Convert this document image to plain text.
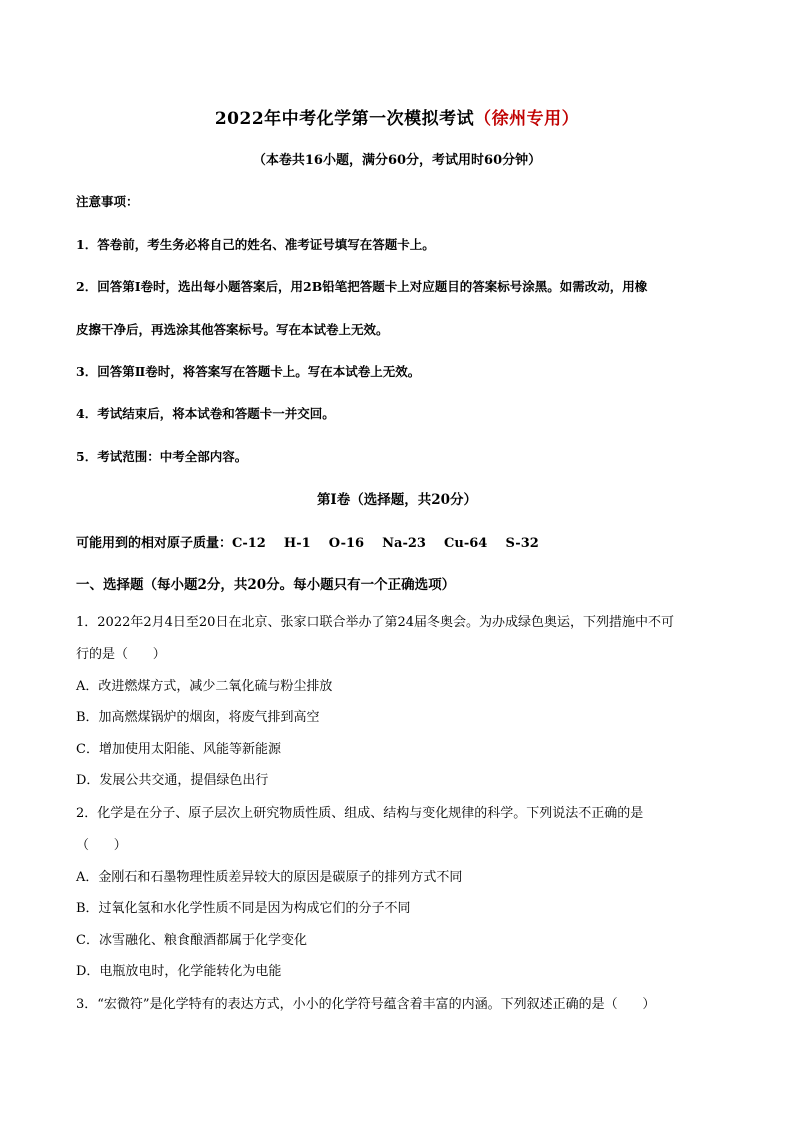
2022年中考化学第一次模拟考试（徐州专用）
（本卷共16小题，满分60分，考试用时60分钟）
注意事项：
1．答卷前，考生务必将自己的姓名、准考证号填写在答题卡上。
2．回答第Ⅰ卷时，选出每小题答案后，用2B铅笔把答题卡上对应题目的答案标号涂黑。如需改动，用橡
皮擦干净后，再选涂其他答案标号。写在本试卷上无效。
3．回答第Ⅱ卷时，将答案写在答题卡上。写在本试卷上无效。
4．考试结束后，将本试卷和答题卡一并交回。
5．考试范围：中考全部内容。
第Ⅰ卷（选择题，共20分）
可能用到的相对原子质量：C-12    H-1    O-16    Na-23    Cu-64    S-32
一、选择题（每小题2分，共20分。每小题只有一个正确选项）
1．2022年2月4日至20日在北京、张家口联合举办了第24届冬奥会。为办成绿色奥运，下列措施中不可
行的是（      ）
A．改进燃煤方式，减少二氧化硫与粉尘排放
B．加高燃煤锅炉的烟囱，将废气排到高空
C．增加使用太阳能、风能等新能源
D．发展公共交通，提倡绿色出行
2．化学是在分子、原子层次上研究物质性质、组成、结构与变化规律的科学。下列说法不正确的是
（      ）
A．金刚石和石墨物理性质差异较大的原因是碳原子的排列方式不同
B．过氧化氢和水化学性质不同是因为构成它们的分子不同
C．冰雪融化、粮食酿酒都属于化学变化
D．电瓶放电时，化学能转化为电能
3．“宏微符”是化学特有的表达方式，小小的化学符号蕴含着丰富的内涵。下列叙述正确的是（      ）
